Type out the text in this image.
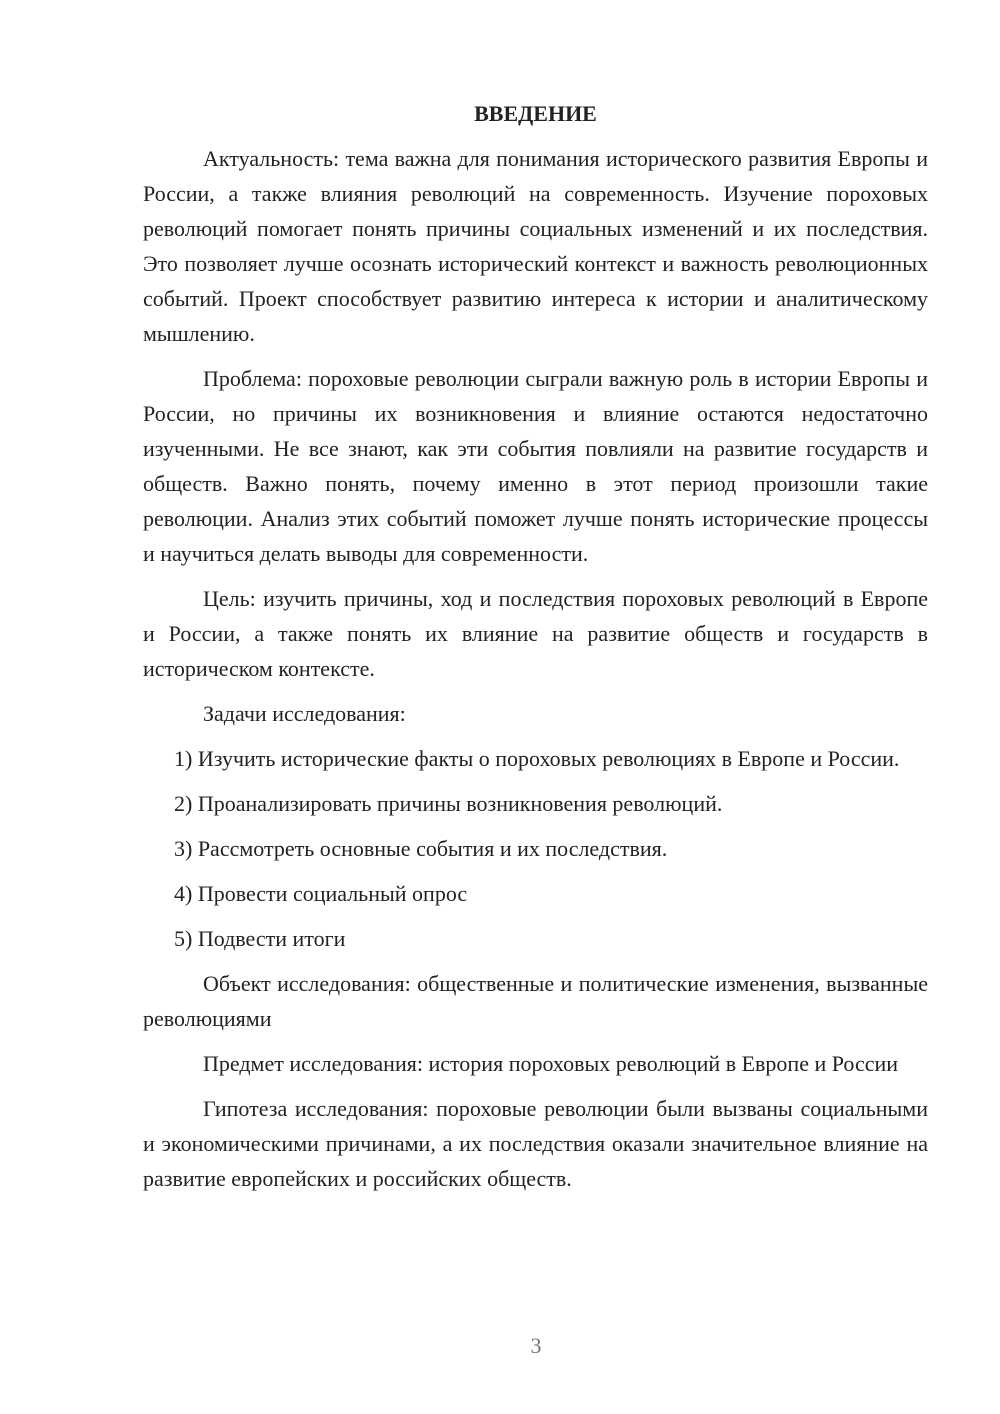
ВВЕДЕНИЕ

Актуальность: тема важна для понимания исторического развития Европы и России, а также влияния революций на современность. Изучение пороховых революций помогает понять причины социальных изменений и их последствия. Это позволяет лучше осознать исторический контекст и важность революционных событий. Проект способствует развитию интереса к истории и аналитическому мышлению.

Проблема: пороховые революции сыграли важную роль в истории Европы и России, но причины их возникновения и влияние остаются недостаточно изученными. Не все знают, как эти события повлияли на развитие государств и обществ. Важно понять, почему именно в этот период произошли такие революции. Анализ этих событий поможет лучше понять исторические процессы и научиться делать выводы для современности.

Цель: изучить причины, ход и последствия пороховых революций в Европе и России, а также понять их влияние на развитие обществ и государств в историческом контексте.

Задачи исследования:

1) Изучить исторические факты о пороховых революциях в Европе и России.

2) Проанализировать причины возникновения революций.

3) Рассмотреть основные события и их последствия.

4) Провести социальный опрос

5) Подвести итоги

Объект исследования: общественные и политические изменения, вызванные революциями

Предмет исследования: история пороховых революций в Европе и России

Гипотеза исследования: пороховые революции были вызваны социальными и экономическими причинами, а их последствия оказали значительное влияние на развитие европейских и российских обществ.

3
